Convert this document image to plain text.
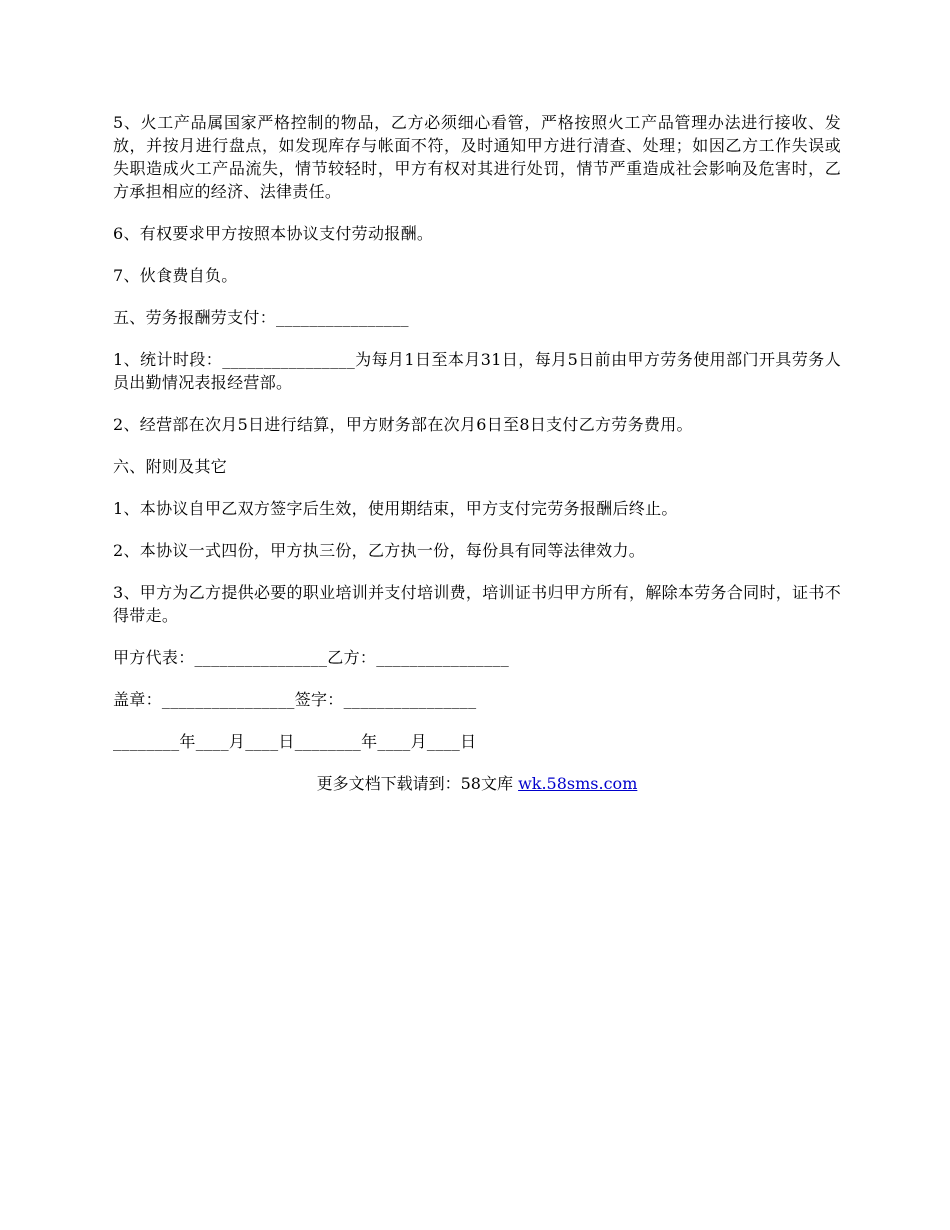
5、火工产品属国家严格控制的物品，乙方必须细心看管，严格按照火工产品管理办法进行接收、发放，并按月进行盘点，如发现库存与帐面不符，及时通知甲方进行清查、处理；如因乙方工作失误或失职造成火工产品流失，情节较轻时，甲方有权对其进行处罚，情节严重造成社会影响及危害时，乙方承担相应的经济、法律责任。

6、有权要求甲方按照本协议支付劳动报酬。

7、伙食费自负。

五、劳务报酬劳支付：________________

1、统计时段：________________为每月1日至本月31日，每月5日前由甲方劳务使用部门开具劳务人员出勤情况表报经营部。

2、经营部在次月5日进行结算，甲方财务部在次月6日至8日支付乙方劳务费用。

六、附则及其它

1、本协议自甲乙双方签字后生效，使用期结束，甲方支付完劳务报酬后终止。

2、本协议一式四份，甲方执三份，乙方执一份，每份具有同等法律效力。

3、甲方为乙方提供必要的职业培训并支付培训费，培训证书归甲方所有，解除本劳务合同时，证书不得带走。

甲方代表：________________乙方：________________

盖章：________________签字：________________

________年____月____日________年____月____日

更多文档下载请到：58文库 wk.58sms.com
